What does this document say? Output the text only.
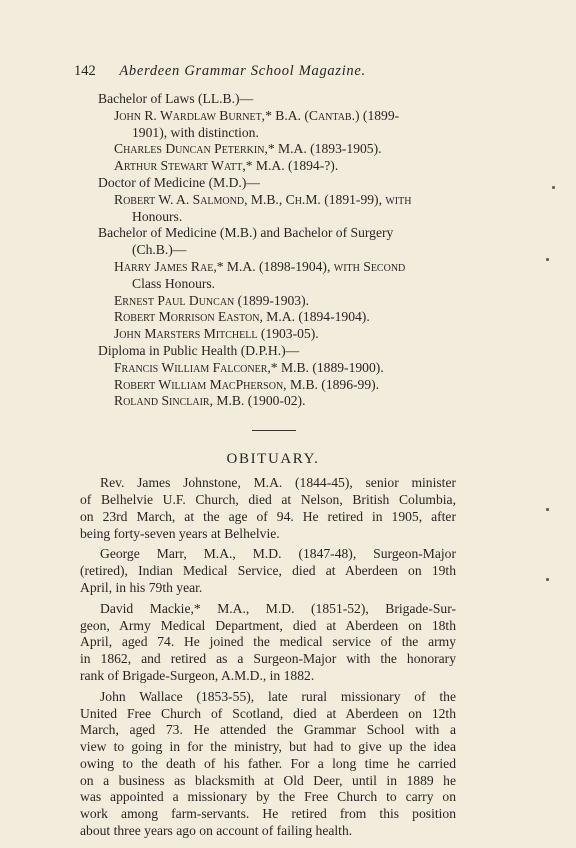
142 Aberdeen Grammar School Magazine.
Bachelor of Laws (LL.B.)—
John R. Wardlaw Burnet,* B.A. (Cantab.) (1899-
1901), with distinction.
Charles Duncan Peterkin,* M.A. (1893-1905).
Arthur Stewart Watt,* M.A. (1894-?).
Doctor of Medicine (M.D.)—
Robert W. A. Salmond, M.B., Ch.M. (1891-99), with
Honours.
Bachelor of Medicine (M.B.) and Bachelor of Surgery
(Ch.B.)—
Harry James Rae,* M.A. (1898-1904), with Second
Class Honours.
Ernest Paul Duncan (1899-1903).
Robert Morrison Easton, M.A. (1894-1904).
John Marsters Mitchell (1903-05).
Diploma in Public Health (D.P.H.)—
Francis William Falconer,* M.B. (1889-1900).
Robert William MacPherson, M.B. (1896-99).
Roland Sinclair, M.B. (1900-02).
OBITUARY.
Rev. James Johnstone, M.A. (1844-45), senior minister
of Belhelvie U.F. Church, died at Nelson, British Columbia,
on 23rd March, at the age of 94. He retired in 1905, after
being forty-seven years at Belhelvie.
George Marr, M.A., M.D. (1847-48), Surgeon-Major
(retired), Indian Medical Service, died at Aberdeen on 19th
April, in his 79th year.
David Mackie,* M.A., M.D. (1851-52), Brigade-Sur-
geon, Army Medical Department, died at Aberdeen on 18th
April, aged 74. He joined the medical service of the army
in 1862, and retired as a Surgeon-Major with the honorary
rank of Brigade-Surgeon, A.M.D., in 1882.
John Wallace (1853-55), late rural missionary of the
United Free Church of Scotland, died at Aberdeen on 12th
March, aged 73. He attended the Grammar School with a
view to going in for the ministry, but had to give up the idea
owing to the death of his father. For a long time he carried
on a business as blacksmith at Old Deer, until in 1889 he
was appointed a missionary by the Free Church to carry on
work among farm-servants. He retired from this position
about three years ago on account of failing health.
